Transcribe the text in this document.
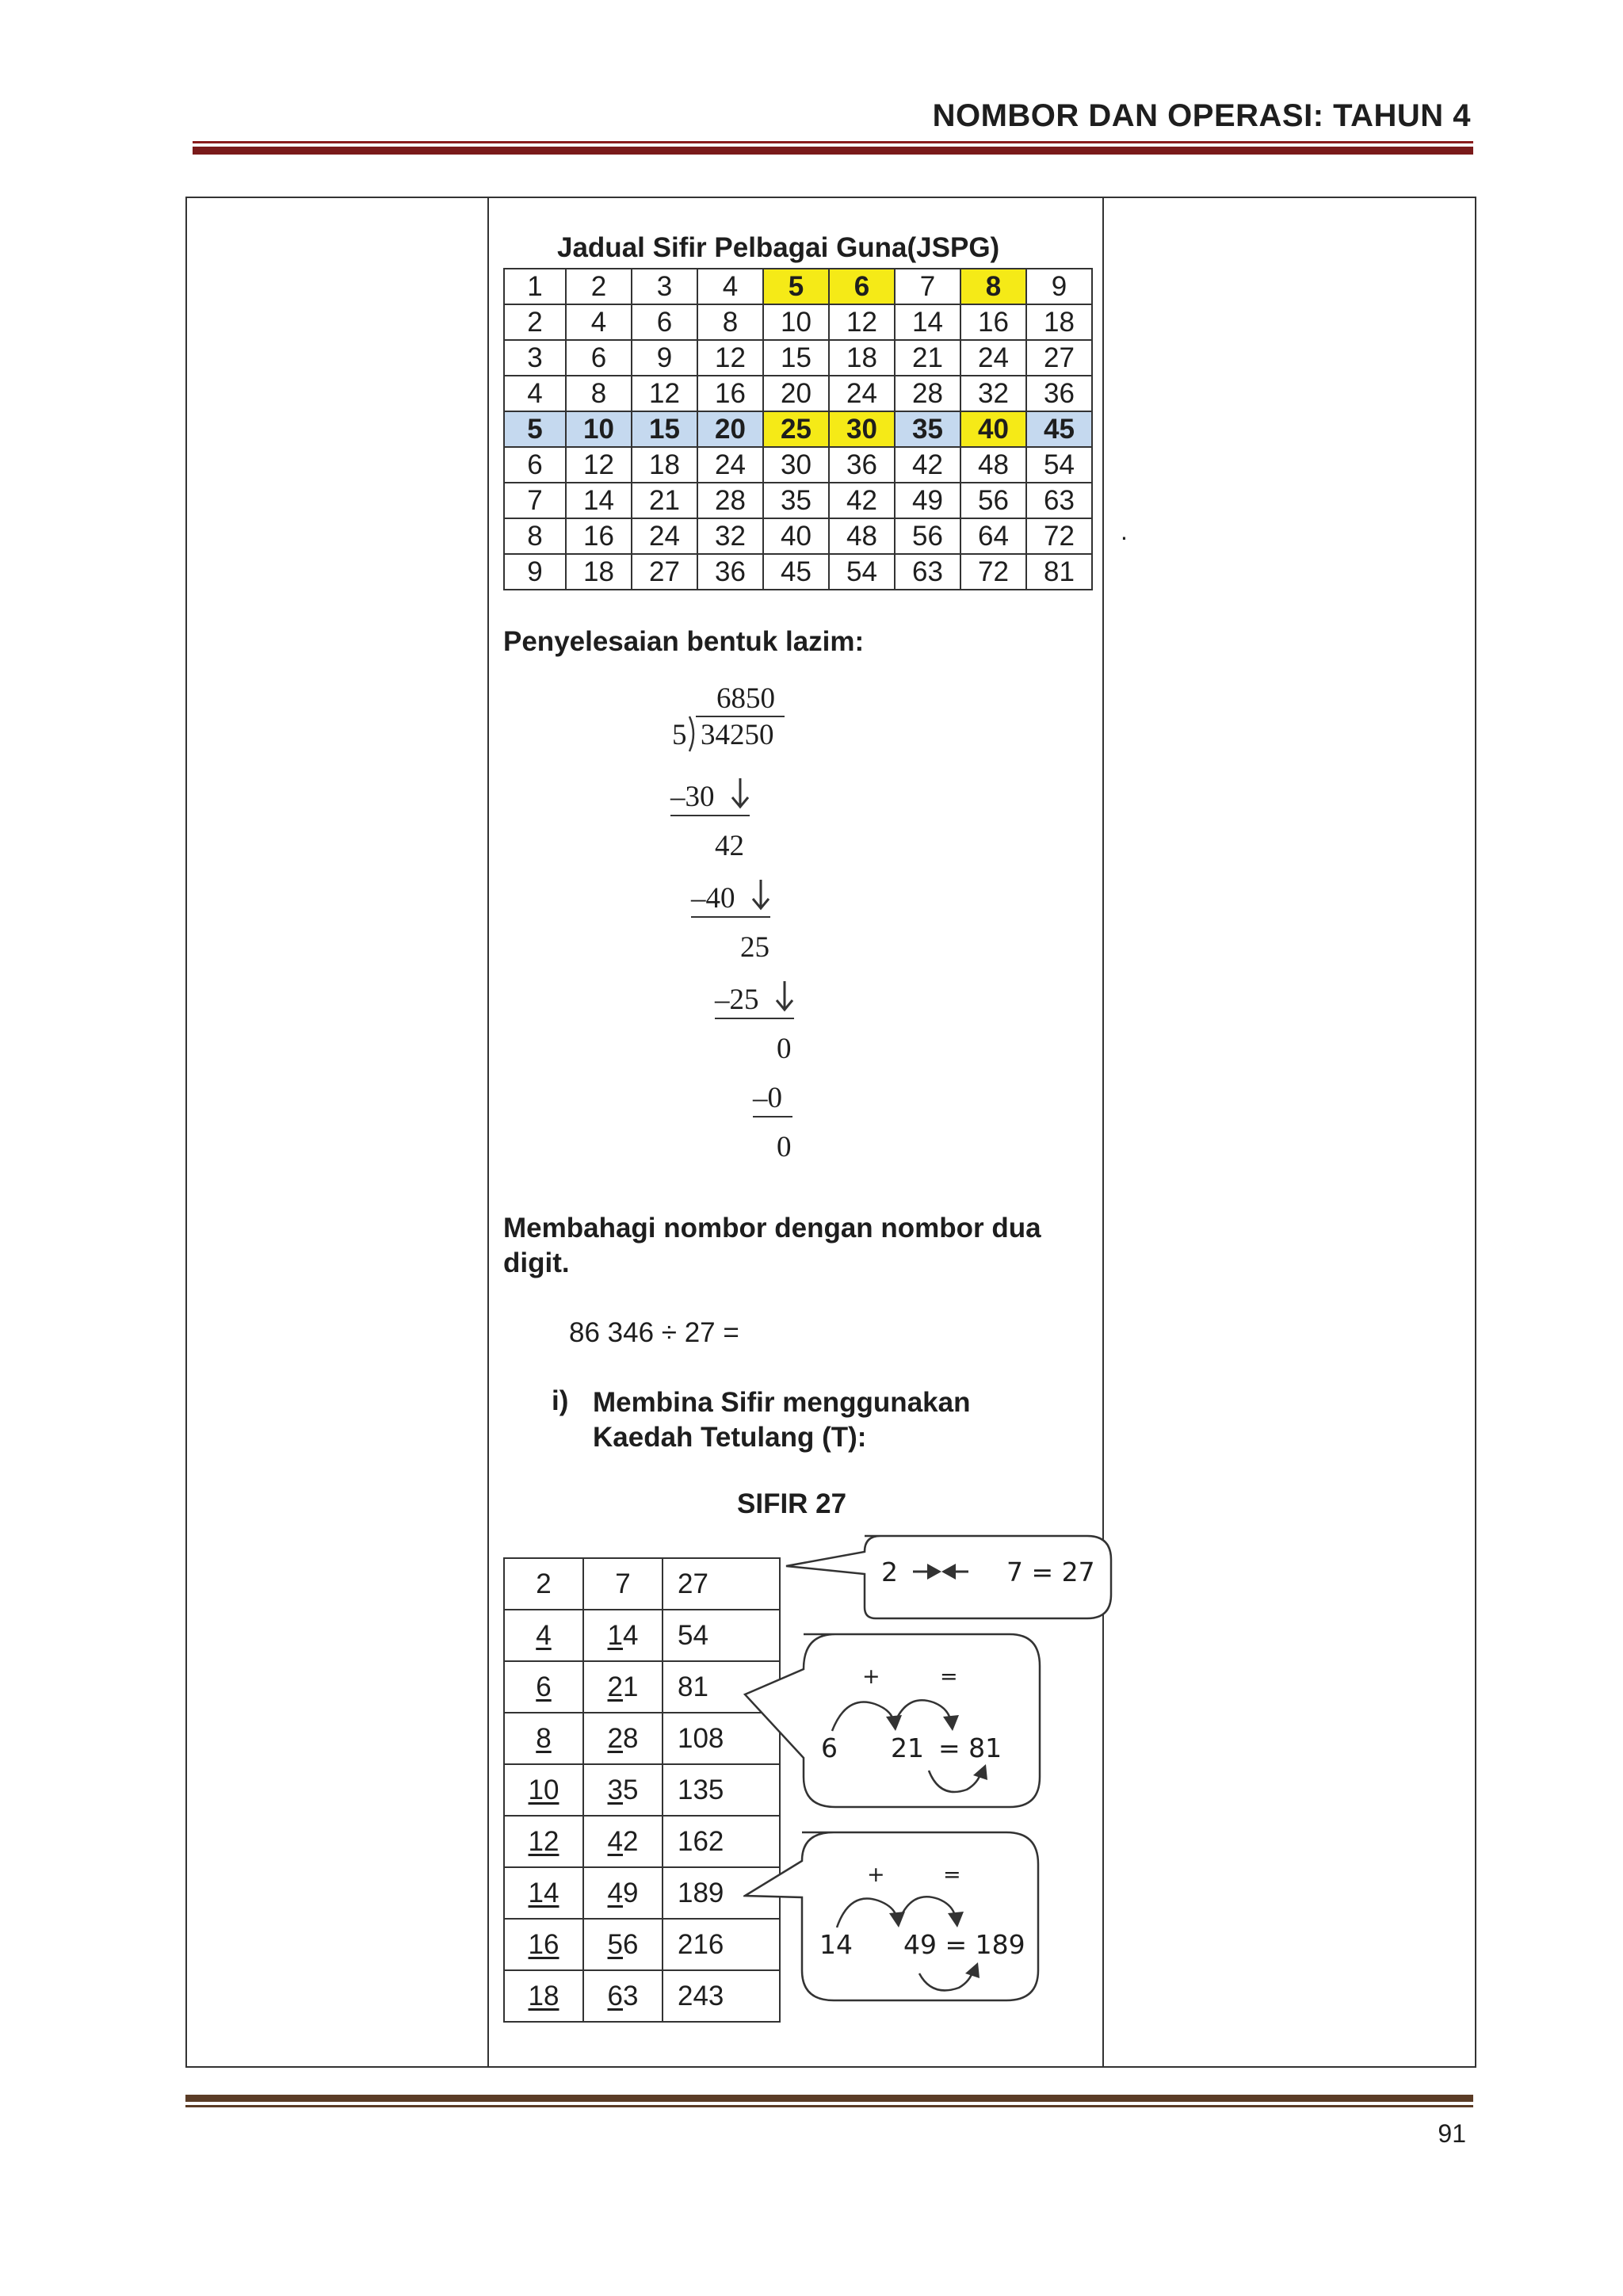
NOMBOR DAN OPERASI: TAHUN 4
.
Jadual Sifir Pelbagai Guna(JSPG)
1	2	3	4	5	6	7	8	9
2	4	6	8	10	12	14	16	18
3	6	9	12	15	18	21	24	27
4	8	12	16	20	24	28	32	36
5	10	15	20	25	30	35	40	45
6	12	18	24	30	36	42	48	54
7	14	21	28	35	42	49	56	63
8	16	24	32	40	48	56	64	72
9	18	27	36	45	54	63	72	81
Penyelesaian bentuk lazim:
6850
5 34250
–30
42
–40
25
–25
0
–0
0
Membahagi nombor dengan nombor dua digit.
86 346 ÷ 27 =
i) Membina Sifir menggunakan Kaedah Tetulang (T):
SIFIR 27
2	7	27
4	14	54
6	21	81
8	28	108
10	35	135
12	42	162
14	49	189
16	56	216
18	63	243
2	7 = 27
+	=
6 21 = 81
+	=
14 49 = 189
91
